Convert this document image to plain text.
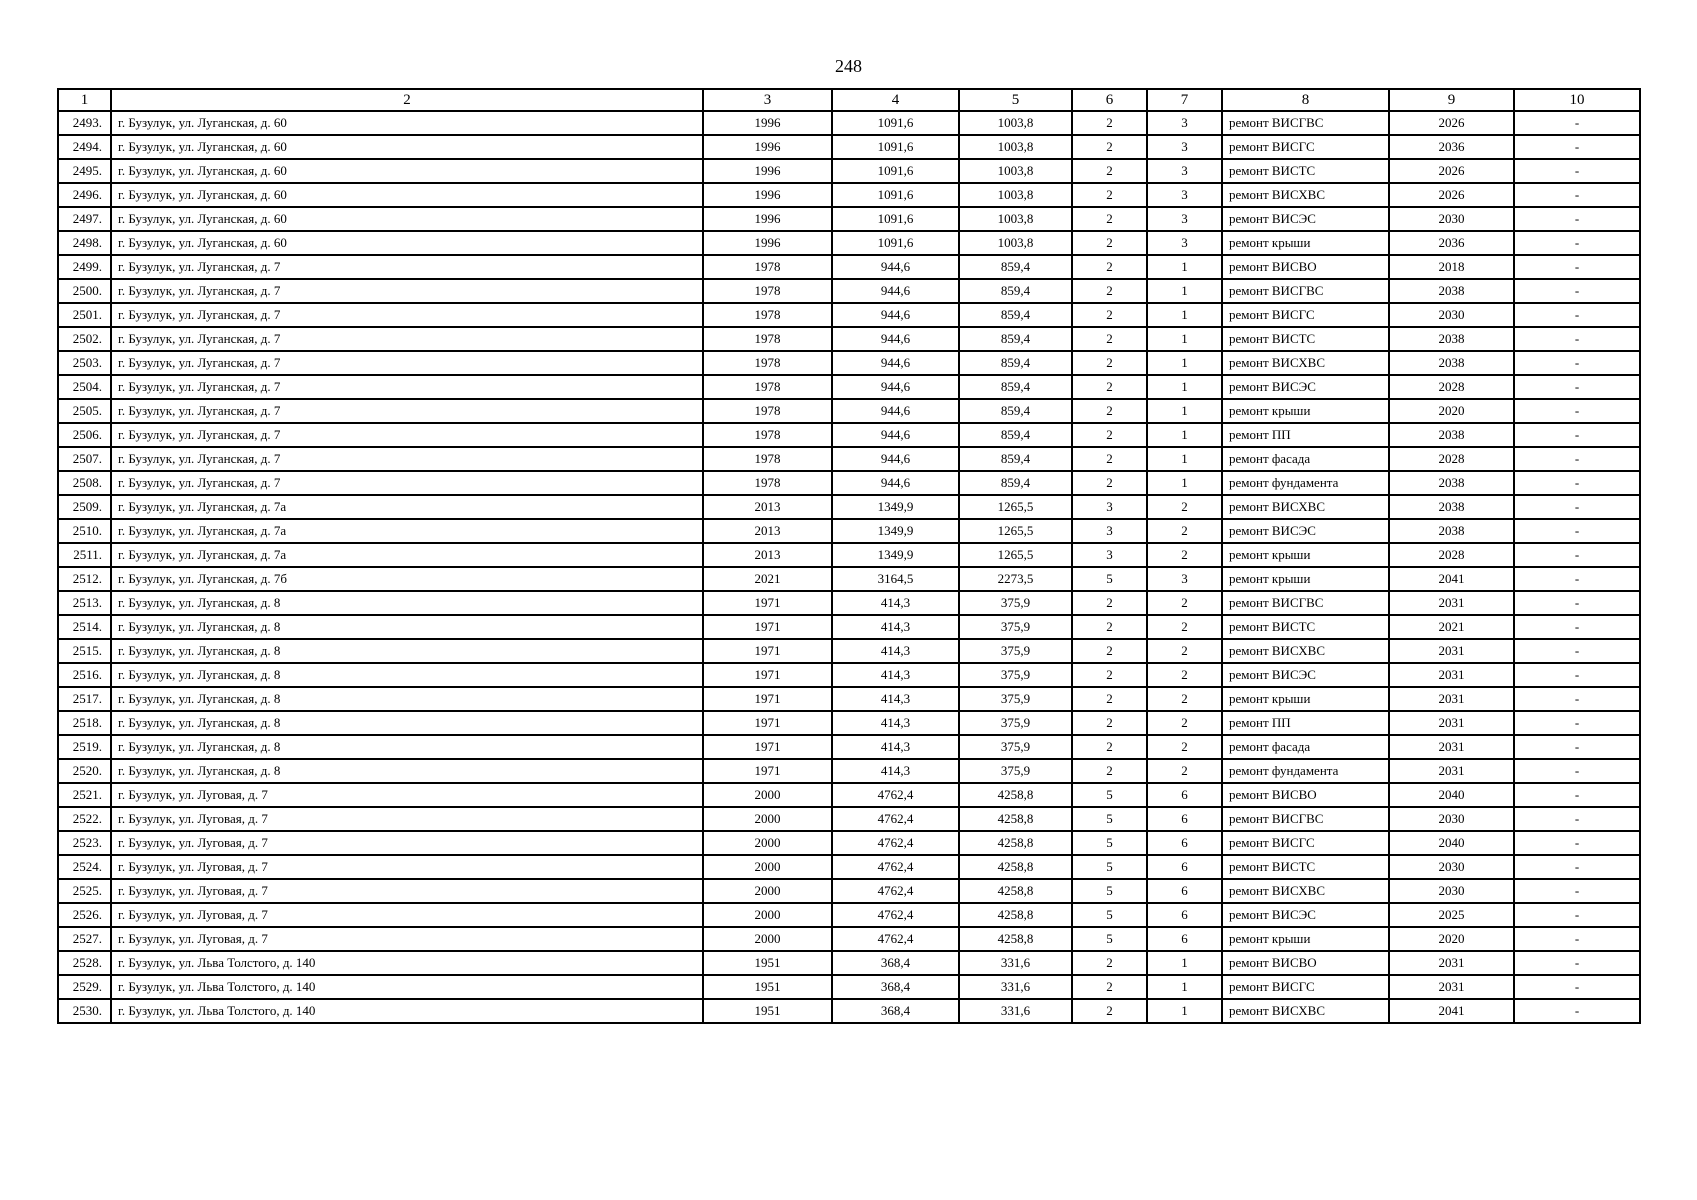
248
1	2	3	4	5	6	7	8	9	10
2493.	г. Бузулук, ул. Луганская, д. 60	1996	1091,6	1003,8	2	3	ремонт ВИСГВС	2026	-
2494.	г. Бузулук, ул. Луганская, д. 60	1996	1091,6	1003,8	2	3	ремонт ВИСГС	2036	-
2495.	г. Бузулук, ул. Луганская, д. 60	1996	1091,6	1003,8	2	3	ремонт ВИСТС	2026	-
2496.	г. Бузулук, ул. Луганская, д. 60	1996	1091,6	1003,8	2	3	ремонт ВИСХВС	2026	-
2497.	г. Бузулук, ул. Луганская, д. 60	1996	1091,6	1003,8	2	3	ремонт ВИСЭС	2030	-
2498.	г. Бузулук, ул. Луганская, д. 60	1996	1091,6	1003,8	2	3	ремонт крыши	2036	-
2499.	г. Бузулук, ул. Луганская, д. 7	1978	944,6	859,4	2	1	ремонт ВИСВО	2018	-
2500.	г. Бузулук, ул. Луганская, д. 7	1978	944,6	859,4	2	1	ремонт ВИСГВС	2038	-
2501.	г. Бузулук, ул. Луганская, д. 7	1978	944,6	859,4	2	1	ремонт ВИСГС	2030	-
2502.	г. Бузулук, ул. Луганская, д. 7	1978	944,6	859,4	2	1	ремонт ВИСТС	2038	-
2503.	г. Бузулук, ул. Луганская, д. 7	1978	944,6	859,4	2	1	ремонт ВИСХВС	2038	-
2504.	г. Бузулук, ул. Луганская, д. 7	1978	944,6	859,4	2	1	ремонт ВИСЭС	2028	-
2505.	г. Бузулук, ул. Луганская, д. 7	1978	944,6	859,4	2	1	ремонт крыши	2020	-
2506.	г. Бузулук, ул. Луганская, д. 7	1978	944,6	859,4	2	1	ремонт ПП	2038	-
2507.	г. Бузулук, ул. Луганская, д. 7	1978	944,6	859,4	2	1	ремонт фасада	2028	-
2508.	г. Бузулук, ул. Луганская, д. 7	1978	944,6	859,4	2	1	ремонт фундамента	2038	-
2509.	г. Бузулук, ул. Луганская, д. 7а	2013	1349,9	1265,5	3	2	ремонт ВИСХВС	2038	-
2510.	г. Бузулук, ул. Луганская, д. 7а	2013	1349,9	1265,5	3	2	ремонт ВИСЭС	2038	-
2511.	г. Бузулук, ул. Луганская, д. 7а	2013	1349,9	1265,5	3	2	ремонт крыши	2028	-
2512.	г. Бузулук, ул. Луганская, д. 7б	2021	3164,5	2273,5	5	3	ремонт крыши	2041	-
2513.	г. Бузулук, ул. Луганская, д. 8	1971	414,3	375,9	2	2	ремонт ВИСГВС	2031	-
2514.	г. Бузулук, ул. Луганская, д. 8	1971	414,3	375,9	2	2	ремонт ВИСТС	2021	-
2515.	г. Бузулук, ул. Луганская, д. 8	1971	414,3	375,9	2	2	ремонт ВИСХВС	2031	-
2516.	г. Бузулук, ул. Луганская, д. 8	1971	414,3	375,9	2	2	ремонт ВИСЭС	2031	-
2517.	г. Бузулук, ул. Луганская, д. 8	1971	414,3	375,9	2	2	ремонт крыши	2031	-
2518.	г. Бузулук, ул. Луганская, д. 8	1971	414,3	375,9	2	2	ремонт ПП	2031	-
2519.	г. Бузулук, ул. Луганская, д. 8	1971	414,3	375,9	2	2	ремонт фасада	2031	-
2520.	г. Бузулук, ул. Луганская, д. 8	1971	414,3	375,9	2	2	ремонт фундамента	2031	-
2521.	г. Бузулук, ул. Луговая, д. 7	2000	4762,4	4258,8	5	6	ремонт ВИСВО	2040	-
2522.	г. Бузулук, ул. Луговая, д. 7	2000	4762,4	4258,8	5	6	ремонт ВИСГВС	2030	-
2523.	г. Бузулук, ул. Луговая, д. 7	2000	4762,4	4258,8	5	6	ремонт ВИСГС	2040	-
2524.	г. Бузулук, ул. Луговая, д. 7	2000	4762,4	4258,8	5	6	ремонт ВИСТС	2030	-
2525.	г. Бузулук, ул. Луговая, д. 7	2000	4762,4	4258,8	5	6	ремонт ВИСХВС	2030	-
2526.	г. Бузулук, ул. Луговая, д. 7	2000	4762,4	4258,8	5	6	ремонт ВИСЭС	2025	-
2527.	г. Бузулук, ул. Луговая, д. 7	2000	4762,4	4258,8	5	6	ремонт крыши	2020	-
2528.	г. Бузулук, ул. Льва Толстого, д. 140	1951	368,4	331,6	2	1	ремонт ВИСВО	2031	-
2529.	г. Бузулук, ул. Льва Толстого, д. 140	1951	368,4	331,6	2	1	ремонт ВИСГС	2031	-
2530.	г. Бузулук, ул. Льва Толстого, д. 140	1951	368,4	331,6	2	1	ремонт ВИСХВС	2041	-
